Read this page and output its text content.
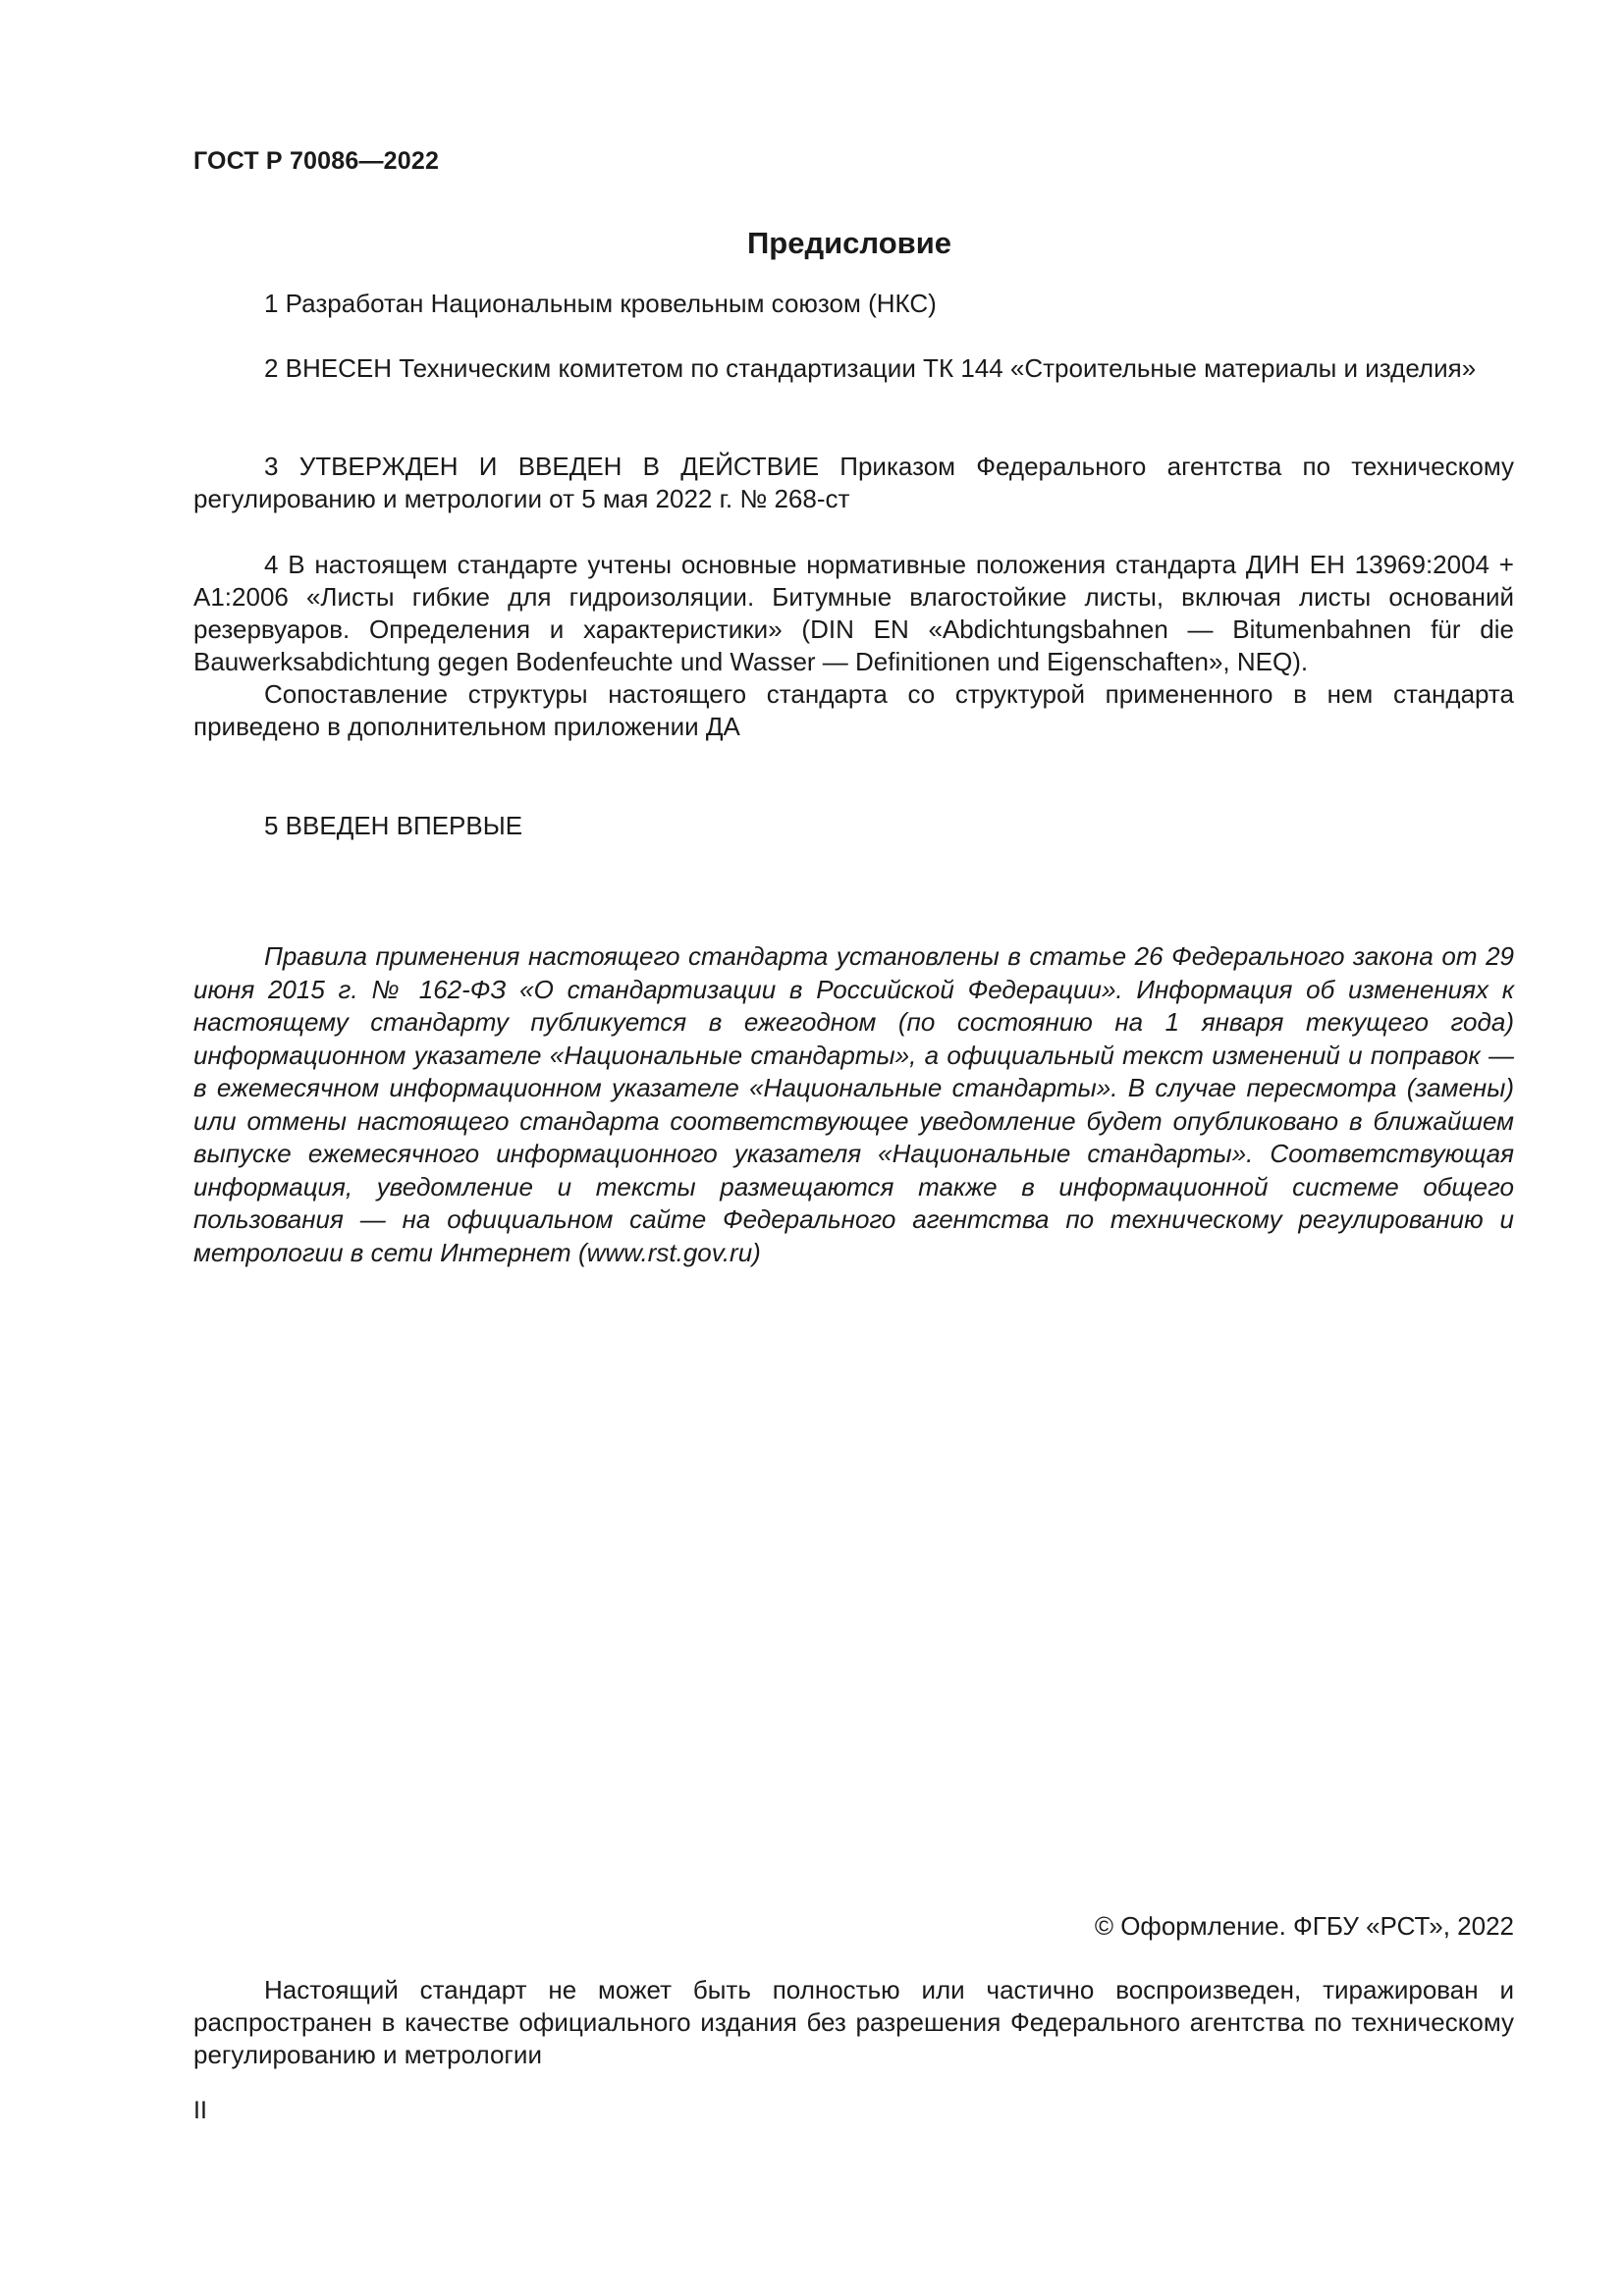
ГОСТ Р 70086—2022
Предисловие

1 Разработан Национальным кровельным союзом (НКС)

2 ВНЕСЕН Техническим комитетом по стандартизации ТК 144 «Строительные материалы и изделия»

3 УТВЕРЖДЕН И ВВЕДЕН В ДЕЙСТВИЕ Приказом Федерального агентства по техническому регулированию и метрологии от 5 мая 2022 г. № 268-ст

4 В настоящем стандарте учтены основные нормативные положения стандарта ДИН ЕН 13969:2004 + A1:2006 «Листы гибкие для гидроизоляции. Битумные влагостойкие листы, включая листы оснований резервуаров. Определения и характеристики» (DIN EN «Abdichtungsbahnen — Bitumenbahnen für die Bauwerksabdichtung gegen Bodenfeuchte und Wasser — Definitionen und Eigenschaften», NEQ).

Сопоставление структуры настоящего стандарта со структурой примененного в нем стандарта приведено в дополнительном приложении ДА

5 ВВЕДЕН ВПЕРВЫЕ

Правила применения настоящего стандарта установлены в статье 26 Федерального закона от 29 июня 2015 г. № 162-ФЗ «О стандартизации в Российской Федерации». Информация об изменениях к настоящему стандарту публикуется в ежегодном (по состоянию на 1 января текущего года) информационном указателе «Национальные стандарты», а официальный текст изменений и поправок — в ежемесячном информационном указателе «Национальные стандарты». В случае пересмотра (замены) или отмены настоящего стандарта соответствующее уведомление будет опубликовано в ближайшем выпуске ежемесячного информационного указателя «Национальные стандарты». Соответствующая информация, уведомление и тексты размещаются также в информационной системе общего пользования — на официальном сайте Федерального агентства по техническому регулированию и метрологии в сети Интернет (www.rst.gov.ru)

© Оформление. ФГБУ «РСТ», 2022

Настоящий стандарт не может быть полностью или частично воспроизведен, тиражирован и распространен в качестве официального издания без разрешения Федерального агентства по техническому регулированию и метрологии

II
